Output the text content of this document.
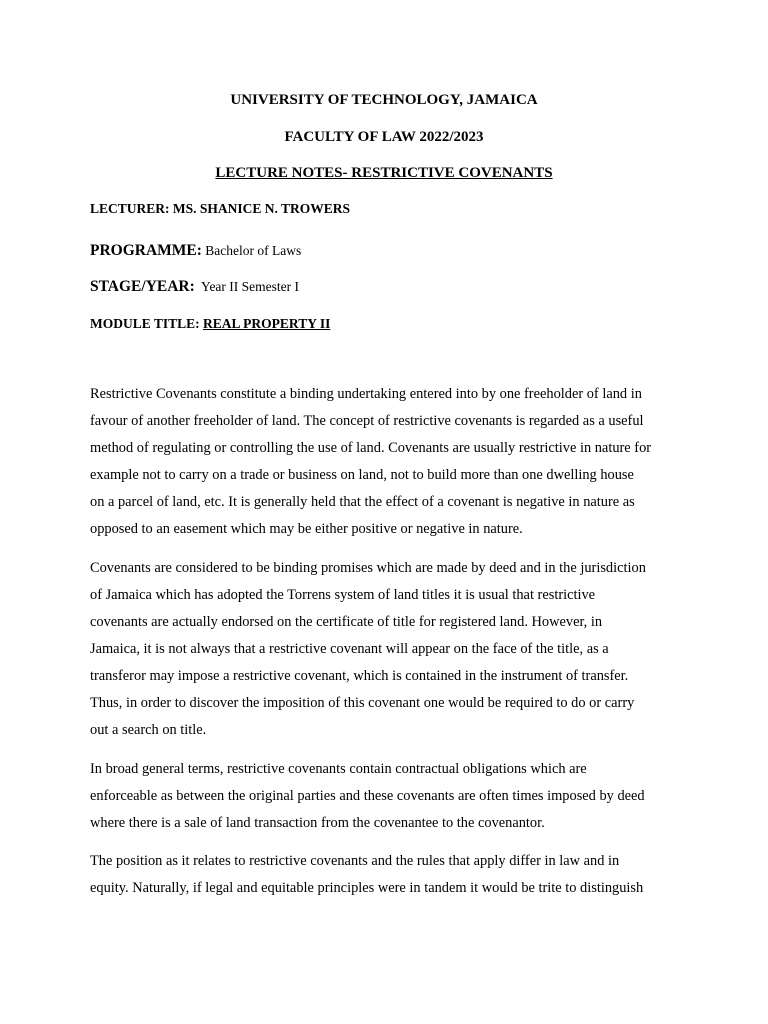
UNIVERSITY OF TECHNOLOGY, JAMAICA
FACULTY OF LAW 2022/2023
LECTURE NOTES- RESTRICTIVE COVENANTS
LECTURER: MS. SHANICE N. TROWERS
PROGRAMME: Bachelor of Laws
STAGE/YEAR: Year II Semester I
MODULE TITLE: REAL PROPERTY II
Restrictive Covenants constitute a binding undertaking entered into by one freeholder of land in
favour of another freeholder of land. The concept of restrictive covenants is regarded as a useful
method of regulating or controlling the use of land. Covenants are usually restrictive in nature for
example not to carry on a trade or business on land, not to build more than one dwelling house
on a parcel of land, etc. It is generally held that the effect of a covenant is negative in nature as
opposed to an easement which may be either positive or negative in nature.
Covenants are considered to be binding promises which are made by deed and in the jurisdiction
of Jamaica which has adopted the Torrens system of land titles it is usual that restrictive
covenants are actually endorsed on the certificate of title for registered land. However, in
Jamaica, it is not always that a restrictive covenant will appear on the face of the title, as a
transferor may impose a restrictive covenant, which is contained in the instrument of transfer.
Thus, in order to discover the imposition of this covenant one would be required to do or carry
out a search on title.
In broad general terms, restrictive covenants contain contractual obligations which are
enforceable as between the original parties and these covenants are often times imposed by deed
where there is a sale of land transaction from the covenantee to the covenantor.
The position as it relates to restrictive covenants and the rules that apply differ in law and in
equity. Naturally, if legal and equitable principles were in tandem it would be trite to distinguish
